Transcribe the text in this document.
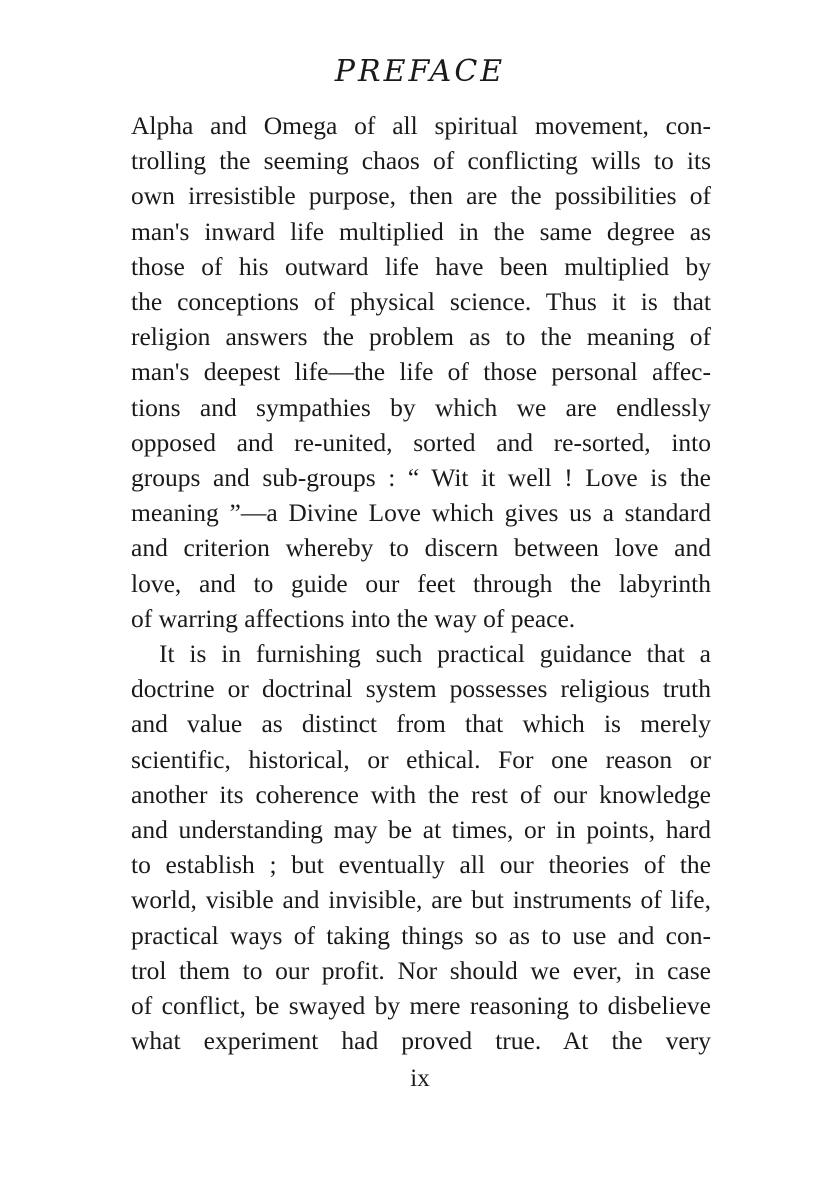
PREFACE

Alpha and Omega of all spiritual movement, con-
trolling the seeming chaos of conflicting wills to its
own irresistible purpose, then are the possibilities of
man's inward life multiplied in the same degree as
those of his outward life have been multiplied by
the conceptions of physical science. Thus it is that
religion answers the problem as to the meaning of
man's deepest life—the life of those personal affec-
tions and sympathies by which we are endlessly
opposed and re-united, sorted and re-sorted, into
groups and sub-groups : “ Wit it well ! Love is the
meaning ”—a Divine Love which gives us a standard
and criterion whereby to discern between love and
love, and to guide our feet through the labyrinth
of warring affections into the way of peace.

It is in furnishing such practical guidance that a
doctrine or doctrinal system possesses religious truth
and value as distinct from that which is merely
scientific, historical, or ethical. For one reason or
another its coherence with the rest of our knowledge
and understanding may be at times, or in points, hard
to establish ; but eventually all our theories of the
world, visible and invisible, are but instruments of life,
practical ways of taking things so as to use and con-
trol them to our profit. Nor should we ever, in case
of conflict, be swayed by mere reasoning to disbelieve
what experiment had proved true. At the very

ix
